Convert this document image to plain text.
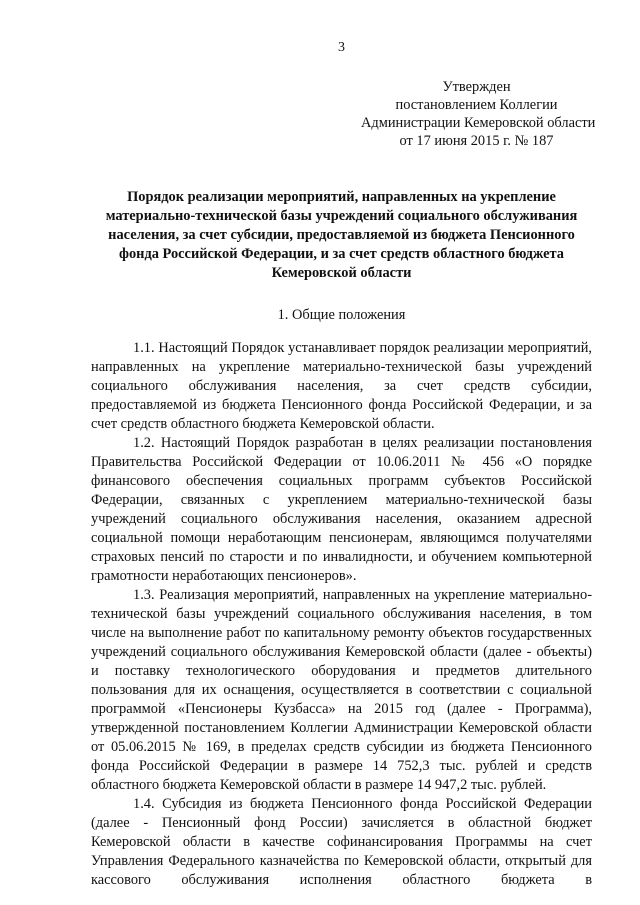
3
Утвержден
постановлением Коллегии
Администрации Кемеровской области
от 17 июня 2015 г. № 187
Порядок реализации мероприятий, направленных на укрепление материально-технической базы учреждений социального обслуживания населения, за счет субсидии, предоставляемой из бюджета Пенсионного фонда Российской Федерации, и за счет средств областного бюджета Кемеровской области
1. Общие положения

1.1. Настоящий Порядок устанавливает порядок реализации мероприятий, направленных на укрепление материально-технической базы учреждений социального обслуживания населения, за счет средств субсидии, предоставляемой из бюджета Пенсионного фонда Российской Федерации, и за счет средств областного бюджета Кемеровской области.

1.2. Настоящий Порядок разработан в целях реализации постановления Правительства Российской Федерации от 10.06.2011 № 456 «О порядке финансового обеспечения социальных программ субъектов Российской Федерации, связанных с укреплением материально-технической базы учреждений социального обслуживания населения, оказанием адресной социальной помощи неработающим пенсионерам, являющимся получателями страховых пенсий по старости и по инвалидности, и обучением компьютерной грамотности неработающих пенсионеров».

1.3. Реализация мероприятий, направленных на укрепление материально-технической базы учреждений социального обслуживания населения, в том числе на выполнение работ по капитальному ремонту объектов государственных учреждений социального обслуживания Кемеровской области (далее - объекты) и поставку технологического оборудования и предметов длительного пользования для их оснащения, осуществляется в соответствии с социальной программой «Пенсионеры Кузбасса» на 2015 год (далее - Программа), утвержденной постановлением Коллегии Администрации Кемеровской области от 05.06.2015 № 169, в пределах средств субсидии из бюджета Пенсионного фонда Российской Федерации в размере 14 752,3 тыс. рублей и средств областного бюджета Кемеровской области в размере 14 947,2 тыс. рублей.

1.4. Субсидия из бюджета Пенсионного фонда Российской Федерации (далее - Пенсионный фонд России) зачисляется в областной бюджет Кемеровской области в качестве софинансирования Программы на счет Управления Федерального казначейства по Кемеровской области, открытый для кассового обслуживания исполнения областного бюджета в
